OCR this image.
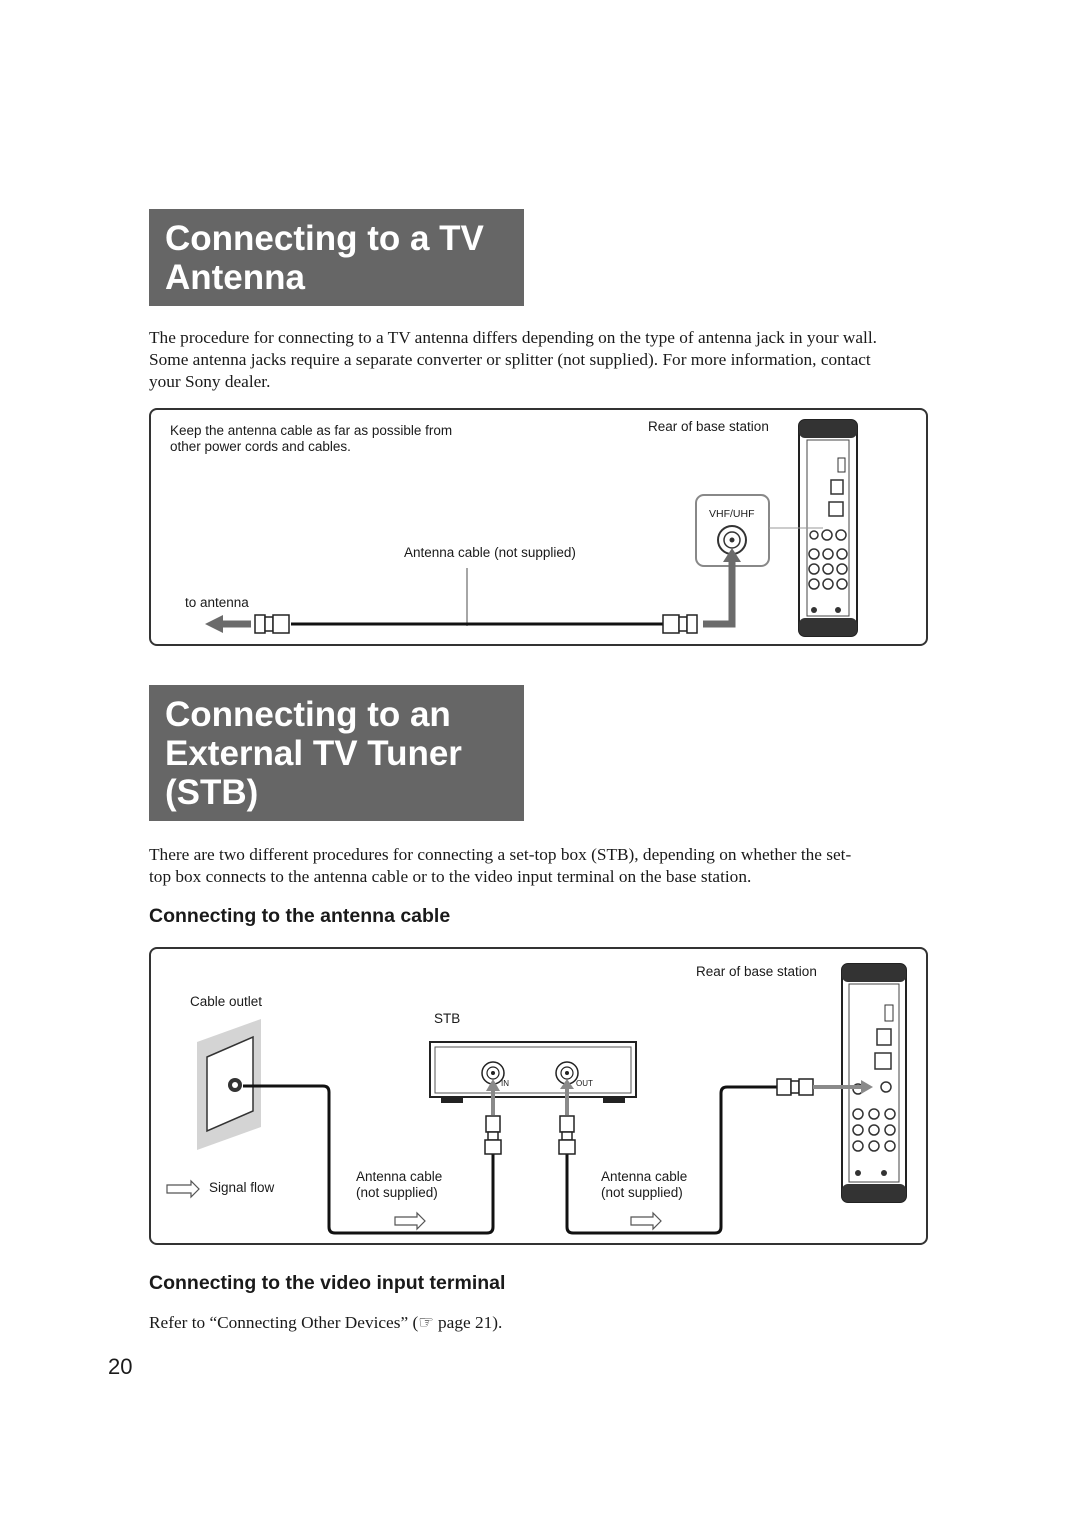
Connecting to a TV
Antenna
The procedure for connecting to a TV antenna differs depending on the type of antenna jack in your wall.
Some antenna jacks require a separate converter or splitter (not supplied). For more information, contact
your Sony dealer.
Keep the antenna cable as far as possible from
other power cords and cables.
Rear of base station
VHF/UHF
Antenna cable (not supplied)
to antenna
Connecting to an
External TV Tuner
(STB)
There are two different procedures for connecting a set-top box (STB), depending on whether the set-
top box connects to the antenna cable or to the video input terminal on the base station.
Connecting to the antenna cable
Rear of base station
Cable outlet
STB
IN	OUT
Signal flow
Antenna cable
(not supplied)
Antenna cable
(not supplied)
Connecting to the video input terminal

Refer to “Connecting Other Devices” (☞ page 21).

20
